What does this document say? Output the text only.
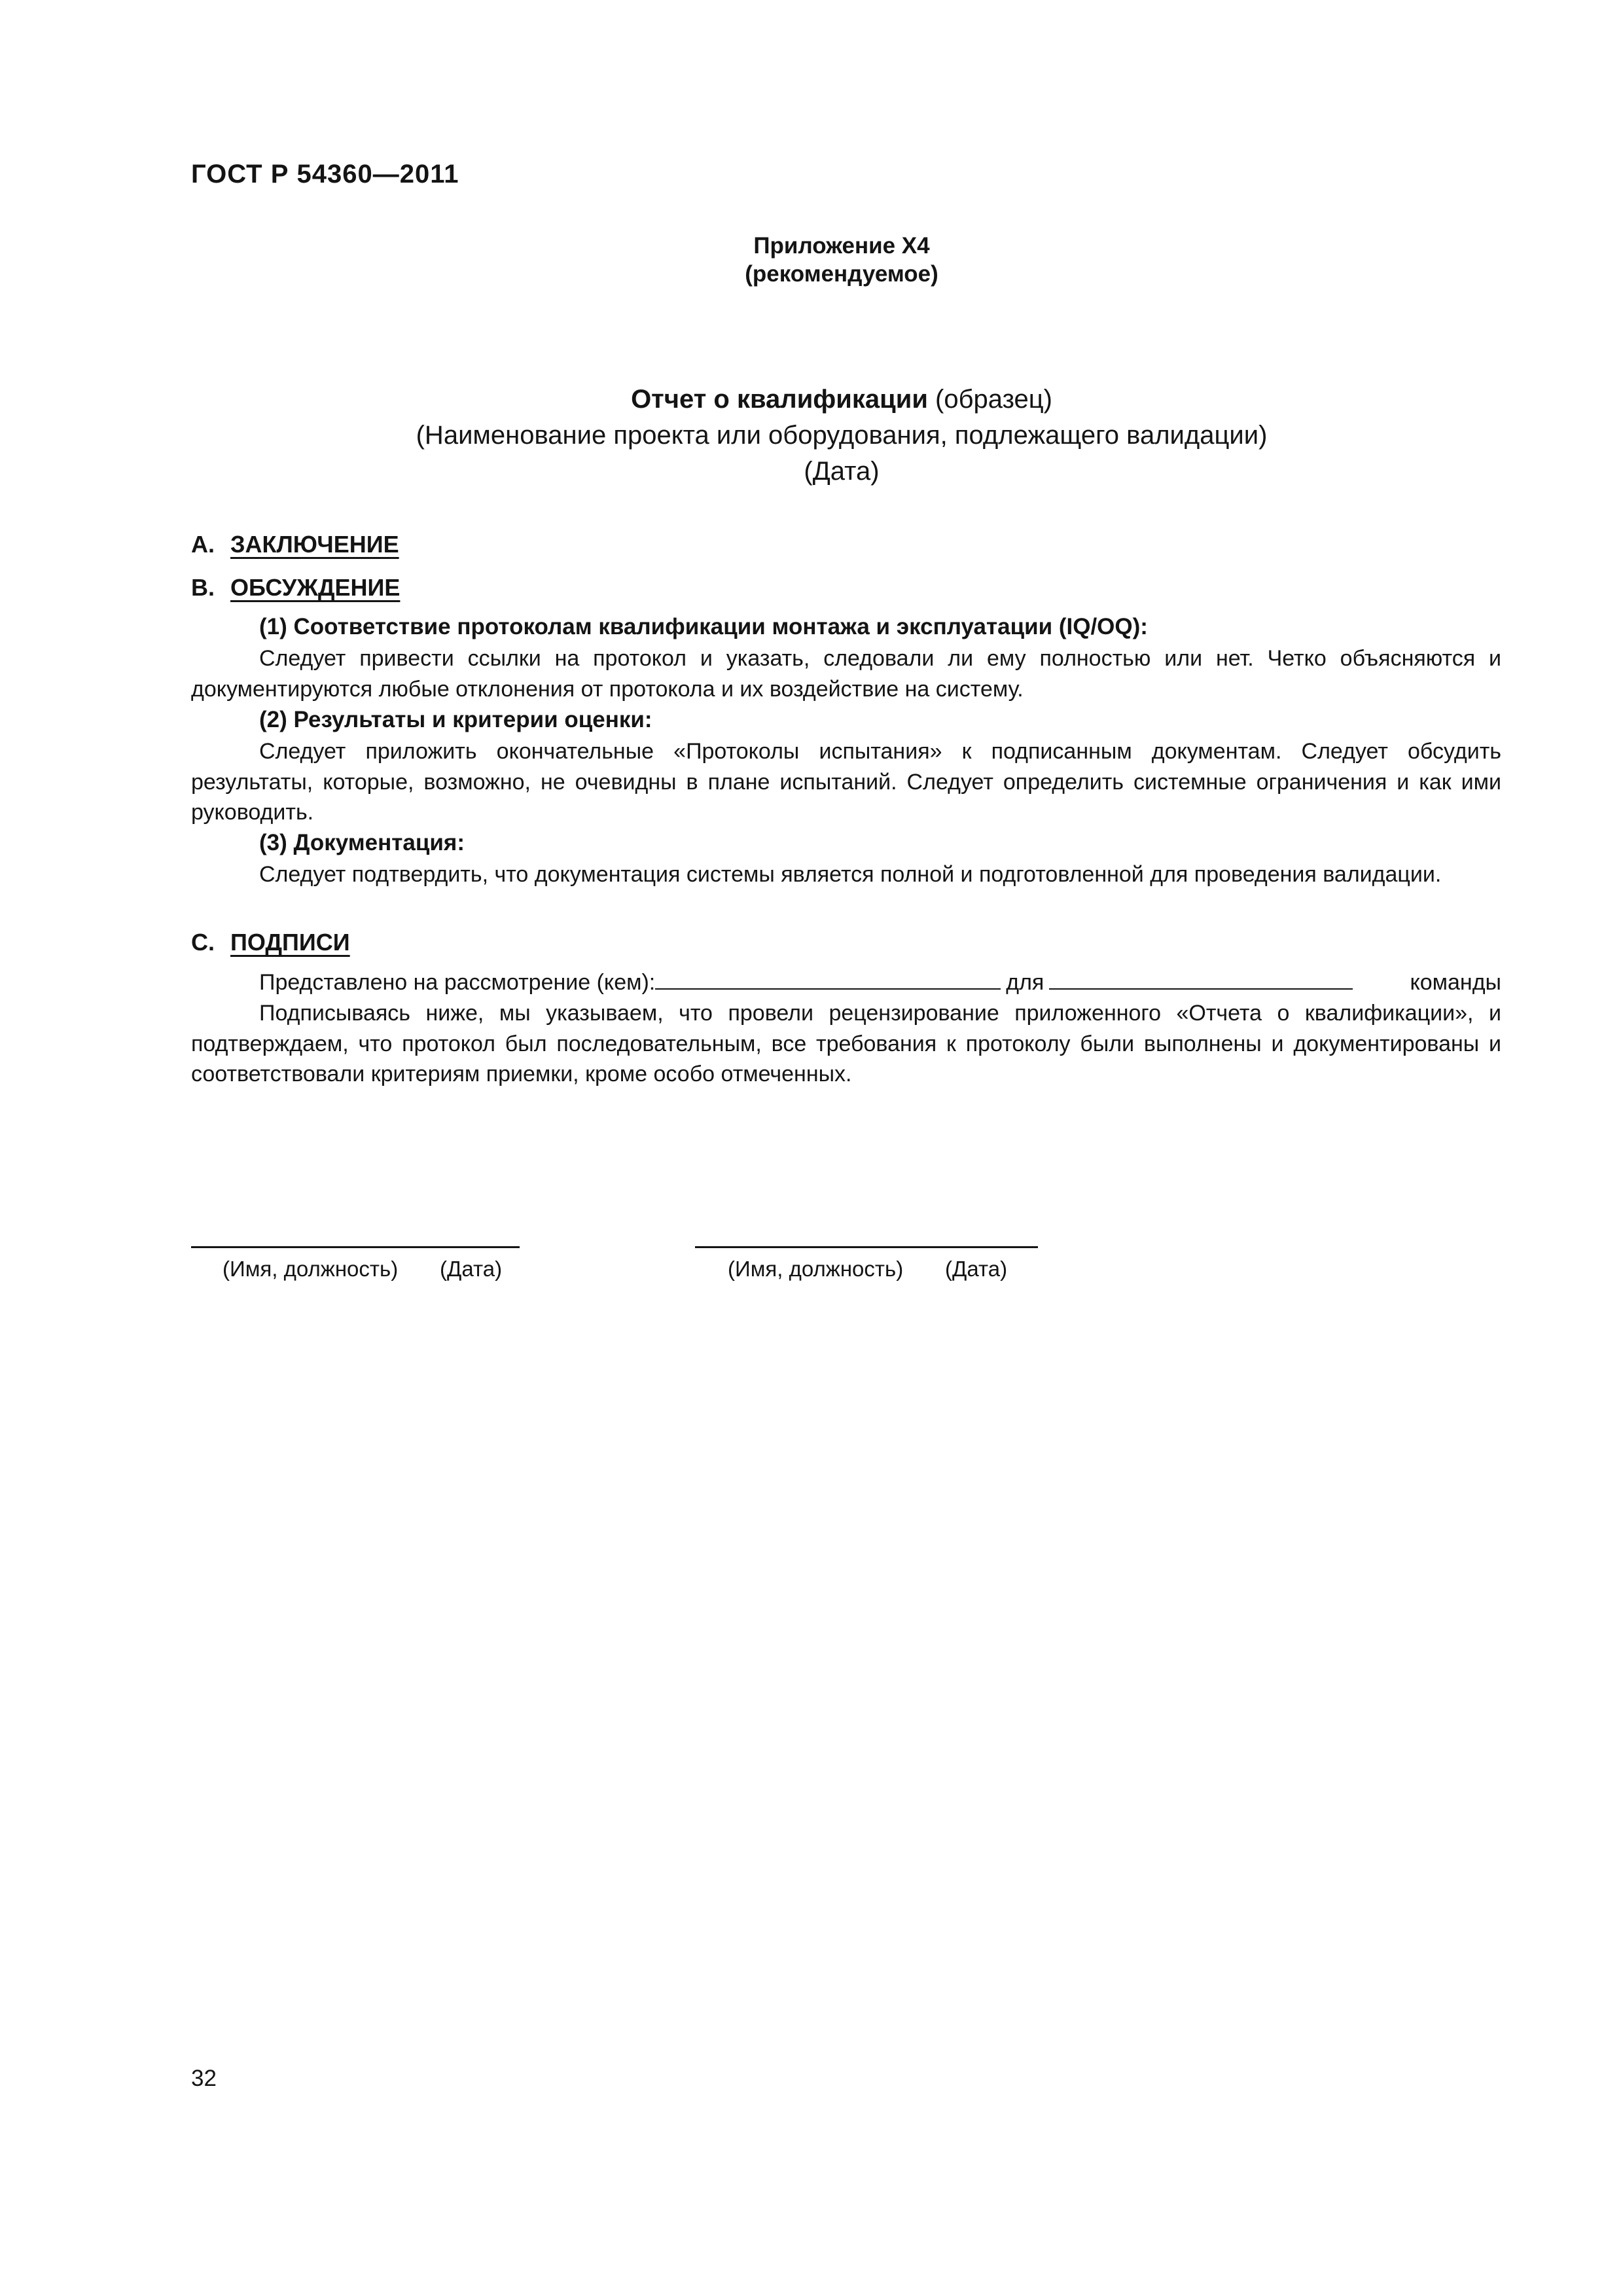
ГОСТ Р 54360—2011
Приложение Х4
(рекомендуемое)
Отчет о квалификации (образец)
(Наименование проекта или оборудования, подлежащего валидации)
(Дата)
А. ЗАКЛЮЧЕНИЕ
В. ОБСУЖДЕНИЕ
(1) Соответствие протоколам квалификации монтажа и эксплуатации (IQ/OQ):

Следует привести ссылки на протокол и указать, следовали ли ему полностью или нет. Четко объясняются и документируются любые отклонения от протокола и их воздействие на систему.

(2) Результаты и критерии оценки:

Следует приложить окончательные «Протоколы испытания» к подписанным документам. Следует обсудить результаты, которые, возможно, не очевидны в плане испытаний. Следует определить системные ограничения и как ими руководить.

(3) Документация:

Следует подтвердить, что документация системы является полной и подготовленной для проведения валидации.

С. ПОДПИСИ
Представлено на рассмотрение (кем):	для	команды

Подписываясь ниже, мы указываем, что провели рецензирование приложенного «Отчета о квалификации», и подтверждаем, что протокол был последовательным, все требования к протоколу были выполнены и документированы и соответствовали критериям приемки, кроме особо отмеченных.

(Имя, должность) (Дата)	(Имя, должность) (Дата)
32
